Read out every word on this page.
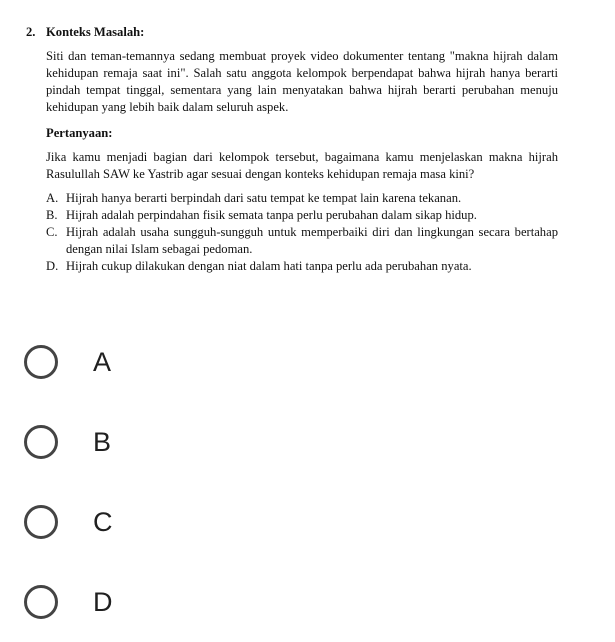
2. Konteks Masalah:

Siti dan teman-temannya sedang membuat proyek video dokumenter tentang "makna hijrah dalam kehidupan remaja saat ini". Salah satu anggota kelompok berpendapat bahwa hijrah hanya berarti pindah tempat tinggal, sementara yang lain menyatakan bahwa hijrah berarti perubahan menuju kehidupan yang lebih baik dalam seluruh aspek.

Pertanyaan:

Jika kamu menjadi bagian dari kelompok tersebut, bagaimana kamu menjelaskan makna hijrah Rasulullah SAW ke Yastrib agar sesuai dengan konteks kehidupan remaja masa kini?

A. Hijrah hanya berarti berpindah dari satu tempat ke tempat lain karena tekanan.
B. Hijrah adalah perpindahan fisik semata tanpa perlu perubahan dalam sikap hidup.
C. Hijrah adalah usaha sungguh-sungguh untuk memperbaiki diri dan lingkungan secara bertahap dengan nilai Islam sebagai pedoman.
D. Hijrah cukup dilakukan dengan niat dalam hati tanpa perlu ada perubahan nyata.
A
B
C
D
